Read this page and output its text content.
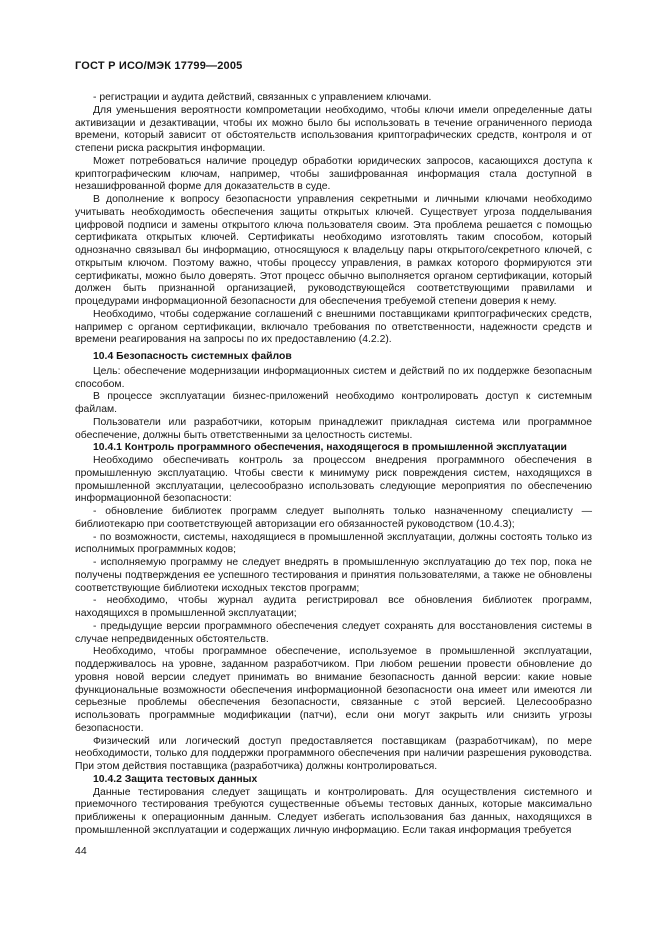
ГОСТ Р ИСО/МЭК 17799—2005

- регистрации и аудита действий, связанных с управлением ключами.

Для уменьшения вероятности компрометации необходимо, чтобы ключи имели определенные даты активизации и дезактивации, чтобы их можно было бы использовать в течение ограниченного периода времени, который зависит от обстоятельств использования криптографических средств, контроля и от степени риска раскрытия информации.

Может потребоваться наличие процедур обработки юридических запросов, касающихся доступа к криптографическим ключам, например, чтобы зашифрованная информация стала доступной в незашифрованной форме для доказательств в суде.

В дополнение к вопросу безопасности управления секретными и личными ключами необходимо учитывать необходимость обеспечения защиты открытых ключей. Существует угроза подделывания цифровой подписи и замены открытого ключа пользователя своим. Эта проблема решается с помощью сертификата открытых ключей. Сертификаты необходимо изготовлять таким способом, который однозначно связывал бы информацию, относящуюся к владельцу пары открытого/секретного ключей, с открытым ключом. Поэтому важно, чтобы процессу управления, в рамках которого формируются эти сертификаты, можно было доверять. Этот процесс обычно выполняется органом сертификации, который должен быть признанной организацией, руководствующейся соответствующими правилами и процедурами информационной безопасности для обеспечения требуемой степени доверия к нему.

Необходимо, чтобы содержание соглашений с внешними поставщиками криптографических средств, например с органом сертификации, включало требования по ответственности, надежности средств и времени реагирования на запросы по их предоставлению (4.2.2).

10.4 Безопасность системных файлов

Цель: обеспечение модернизации информационных систем и действий по их поддержке безопасным способом.

В процессе эксплуатации бизнес-приложений необходимо контролировать доступ к системным файлам.

Пользователи или разработчики, которым принадлежит прикладная система или программное обеспечение, должны быть ответственными за целостность системы.

10.4.1 Контроль программного обеспечения, находящегося в промышленной эксплуатации

Необходимо обеспечивать контроль за процессом внедрения программного обеспечения в промышленную эксплуатацию. Чтобы свести к минимуму риск повреждения систем, находящихся в промышленной эксплуатации, целесообразно использовать следующие мероприятия по обеспечению информационной безопасности:

- обновление библиотек программ следует выполнять только назначенному специалисту — библиотекарю при соответствующей авторизации его обязанностей руководством (10.4.3);

- по возможности, системы, находящиеся в промышленной эксплуатации, должны состоять только из исполнимых программных кодов;

- исполняемую программу не следует внедрять в промышленную эксплуатацию до тех пор, пока не получены подтверждения ее успешного тестирования и принятия пользователями, а также не обновлены соответствующие библиотеки исходных текстов программ;

- необходимо, чтобы журнал аудита регистрировал все обновления библиотек программ, находящихся в промышленной эксплуатации;

- предыдущие версии программного обеспечения следует сохранять для восстановления системы в случае непредвиденных обстоятельств.

Необходимо, чтобы программное обеспечение, используемое в промышленной эксплуатации, поддерживалось на уровне, заданном разработчиком. При любом решении провести обновление до уровня новой версии следует принимать во внимание безопасность данной версии: какие новые функциональные возможности обеспечения информационной безопасности она имеет или имеются ли серьезные проблемы обеспечения безопасности, связанные с этой версией. Целесообразно использовать программные модификации (патчи), если они могут закрыть или снизить угрозы безопасности.

Физический или логический доступ предоставляется поставщикам (разработчикам), по мере необходимости, только для поддержки программного обеспечения при наличии разрешения руководства. При этом действия поставщика (разработчика) должны контролироваться.

10.4.2 Защита тестовых данных

Данные тестирования следует защищать и контролировать. Для осуществления системного и приемочного тестирования требуются существенные объемы тестовых данных, которые максимально приближены к операционным данным. Следует избегать использования баз данных, находящихся в промышленной эксплуатации и содержащих личную информацию. Если такая информация требуется

44
